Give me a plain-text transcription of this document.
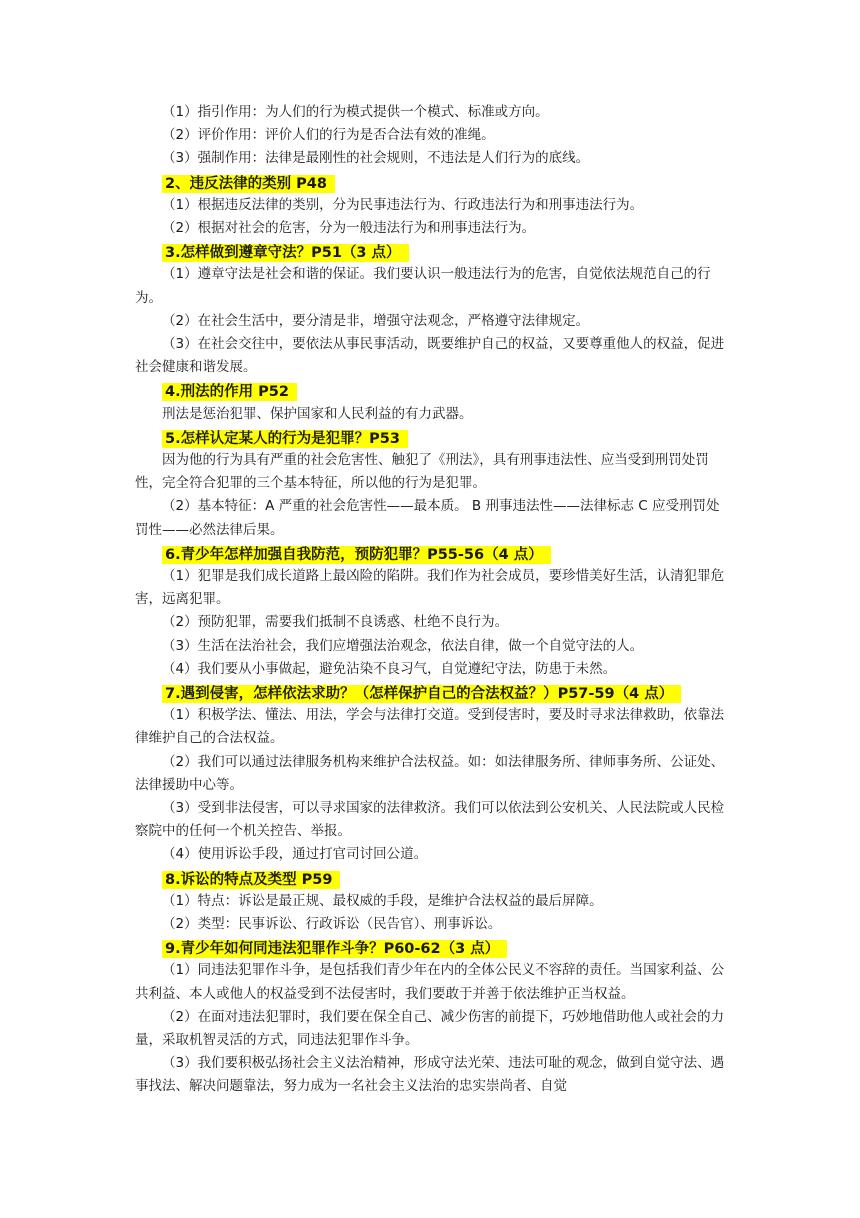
（1）指引作用：为人们的行为模式提供一个模式、标准或方向。

（2）评价作用：评价人们的行为是否合法有效的准绳。

（3）强制作用：法律是最刚性的社会规则，不违法是人们行为的底线。

2、违反法律的类别 P48

（1）根据违反法律的类别，分为民事违法行为、行政违法行为和刑事违法行为。

（2）根据对社会的危害，分为一般违法行为和刑事违法行为。

3.怎样做到遵章守法？P51（3 点）

（1）遵章守法是社会和谐的保证。我们要认识一般违法行为的危害，自觉依法规范自己的行为。

（2）在社会生活中，要分清是非，增强守法观念，严格遵守法律规定。

（3）在社会交往中，要依法从事民事活动，既要维护自己的权益，又要尊重他人的权益，促进社会健康和谐发展。

4.刑法的作用 P52

刑法是惩治犯罪、保护国家和人民利益的有力武器。

5.怎样认定某人的行为是犯罪？P53

因为他的行为具有严重的社会危害性、触犯了《刑法》，具有刑事违法性、应当受到刑罚处罚性，完全符合犯罪的三个基本特征，所以他的行为是犯罪。

（2）基本特征：A 严重的社会危害性——最本质。 B 刑事违法性——法律标志 C 应受刑罚处罚性——必然法律后果。

6.青少年怎样加强自我防范，预防犯罪？P55-56（4 点）

（1）犯罪是我们成长道路上最凶险的陷阱。我们作为社会成员，要珍惜美好生活，认清犯罪危害，远离犯罪。

（2）预防犯罪，需要我们抵制不良诱惑、杜绝不良行为。

（3）生活在法治社会，我们应增强法治观念，依法自律，做一个自觉守法的人。

（4）我们要从小事做起，避免沾染不良习气，自觉遵纪守法，防患于未然。

7.遇到侵害，怎样依法求助？（怎样保护自己的合法权益？）P57-59（4 点）

（1）积极学法、懂法、用法，学会与法律打交道。受到侵害时，要及时寻求法律救助，依靠法律维护自己的合法权益。

（2）我们可以通过法律服务机构来维护合法权益。如：如法律服务所、律师事务所、公证处、法律援助中心等。

（3）受到非法侵害，可以寻求国家的法律救济。我们可以依法到公安机关、人民法院或人民检察院中的任何一个机关控告、举报。

（4）使用诉讼手段，通过打官司讨回公道。

8.诉讼的特点及类型 P59

（1）特点：诉讼是最正规、最权威的手段，是维护合法权益的最后屏障。

（2）类型：民事诉讼、行政诉讼（民告官）、刑事诉讼。

9.青少年如何同违法犯罪作斗争？P60-62（3 点）

（1）同违法犯罪作斗争，是包括我们青少年在内的全体公民义不容辞的责任。当国家利益、公共利益、本人或他人的权益受到不法侵害时，我们要敢于并善于依法维护正当权益。

（2）在面对违法犯罪时，我们要在保全自己、减少伤害的前提下，巧妙地借助他人或社会的力量，采取机智灵活的方式，同违法犯罪作斗争。

（3）我们要积极弘扬社会主义法治精神，形成守法光荣、违法可耻的观念，做到自觉守法、遇事找法、解决问题靠法，努力成为一名社会主义法治的忠实崇尚者、自觉
